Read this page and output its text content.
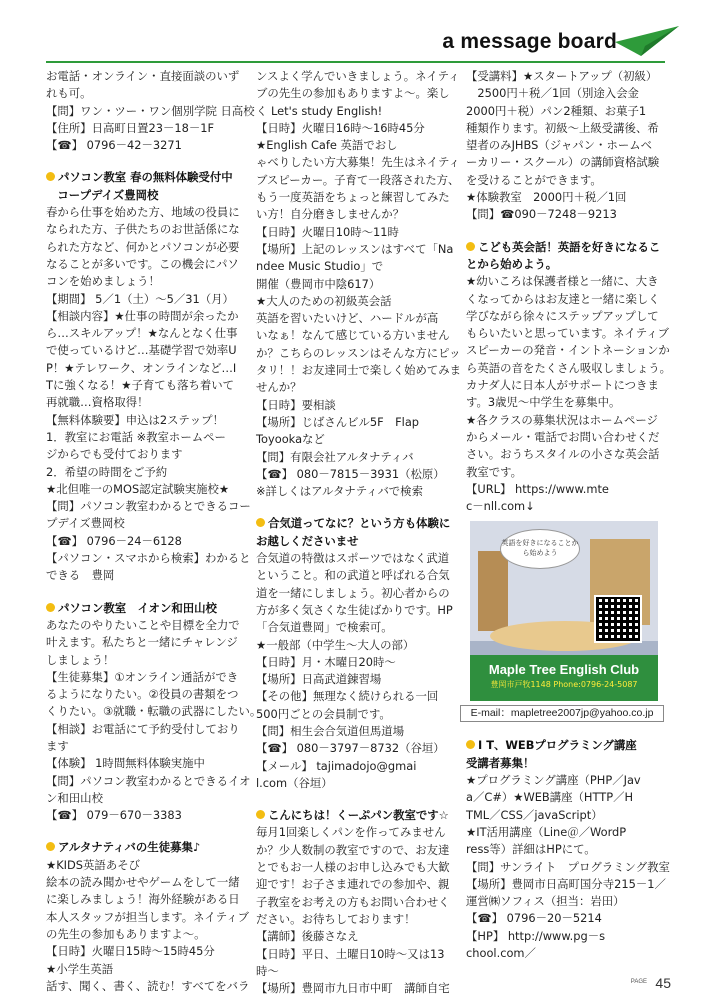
a message board
お電話・オンライン・直接面談のいず
れも可。
【問】ワン・ツー・ワン個別学院 日高校
【住所】日高町日置23－18－1F
【☎】 0796－42－3271
パソコン教室 春の無料体験受付中
　コープデイズ豊岡校
春から仕事を始めた方、地域の役員に
なられた方、子供たちのお世話係にな
られた方など、何かとパソコンが必要
なることが多いです。この機会にパソ
コンを始めましょう！
【期間】 5／1（土）～5／31（月）
【相談内容】★仕事の時間が余ったか
ら…スキルアップ！★なんとなく仕事
で使っているけど…基礎学習で効率U
P！★テレワーク、オンラインなど…I
Tに強くなる！★子育ても落ち着いて
再就職…資格取得！
【無料体験要】申込は2ステップ！
1．教室にお電話 ※教室ホームペー
ジからでも受付ております
2．希望の時間をご予約
★北但唯一のMOS認定試験実施校★
【問】パソコン教室わかるとできるコー
プデイズ豊岡校
【☎】 0796－24－6128
【パソコン・スマホから検索】わかると
できる　豊岡
パソコン教室　イオン和田山校
あなたのやりたいことや目標を全力で
叶えます。私たちと一緒にチャレンジ
しましょう！
【生徒募集】①オンライン通話ができ
るようになりたい。②役員の書類をつ
くりたい。③就職・転職の武器にしたい。
【相談】お電話にて予約受付しており
ます
【体験】 1時間無料体験実施中
【問】パソコン教室わかるとできるイオ
ン和田山校
【☎】 079－670－3383
アルタナティバの生徒募集♪
★KIDS英語あそび
絵本の読み聞かせやゲームをして一緒
に楽しみましょう！海外経験がある日
本人スタッフが担当します。ネイティブ
の先生の参加もありますよ～。
【日時】火曜日15時～15時45分
★小学生英語
話す、聞く、書く、読む！すべてをバラ
ンスよく学んでいきましょう。ネイティ
ブの先生の参加もありますよ～。楽し
く Let's study English!
【日時】火曜日16時～16時45分
★English Cafe 英語でおし
ゃべりしたい方大募集！先生はネイティ
ブスピーカー。子育て一段落された方、
もう一度英語をちょっと練習してみた
い方！自分磨きしませんか？
【日時】火曜日10時～11時
【場所】上記のレッスンはすべて「Na
ndee Music Studio」で
開催（豊岡市中陰617）
★大人のための初級英会話
英語を習いたいけど、ハードルが高
いなぁ！なんて感じている方いません
か？こちらのレッスンはそんな方にピッ
タリ！！お友達同士で楽しく始めてみま
せんか？
【日時】要相談
【場所】じばさんビル5F　Flap
Toyookaなど
【問】有限会社アルタナティバ
【☎】 080－7815－3931（松原）
※詳しくはアルタナティバで検索
合気道ってなに？という方も体験に
お越しくださいませ
合気道の特徴はスポーツではなく武道
ということ。和の武道と呼ばれる合気
道を一緒にしましょう。初心者からの
方が多く気さくな生徒ばかりです。HP
「合気道豊岡」で検索可。
★一般部（中学生～大人の部）
【日時】月・木曜日20時～
【場所】日高武道錬習場
【その他】無理なく続けられる一回
500円ごとの会員制です。
【問】相生会合気道但馬道場
【☎】 080－3797－8732（谷垣）
【メール】 tajimadojo@gmai
l.com（谷垣）
こんにちは！くーぷパン教室です☆
毎月1回楽しくパンを作ってみません
か？少人数制の教室ですので、お友達
とでもお一人様のお申し込みでも大歓
迎です！お子さま連れでの参加や、親
子教室をお考えの方もお問い合わせく
ださい。お待ちしております！
【講師】後藤さなえ
【日時】平日、土曜日10時～又は13
時～
【場所】豊岡市九日市中町　講師自宅
【受講料】★スタートアップ（初級）
　2500円＋税／1回（別途入会金
2000円＋税）パン2種類、お菓子1
種類作ります。初級～上級受講後、希
望者のみJHBS（ジャパン・ホームベ
ーカリー・スクール）の講師資格試験
を受けることができます。
★体験教室　2000円＋税／1回
【問】☎090－7248－9213
こども英会話！英語を好きになるこ
とから始めよう。
★幼いころは保護者様と一緒に、大き
くなってからはお友達と一緒に楽しく
学びながら徐々にステップアップして
もらいたいと思っています。ネイティブ
スピーカーの発音・イントネーションか
ら英語の音をたくさん吸収しましょう。
カナダ人に日本人がサポートにつきま
す。3歳児～中学生を募集中。
★各クラスの募集状況はホームページ
からメール・電話でお問い合わせくだ
さい。おうちスタイルの小さな英会話
教室です。
【URL】 https://www.mte
c－nll.com↓
英語を好きになることから始めよう
Maple Tree English Club
豊岡市戸牧1148 Phone:0796-24-5087
E-mail：mapletree2007jp@yahoo.co.jp
I T、WEBプログラミング講座
受講者募集！
★プログラミング講座（PHP／Jav
a／C#）★WEB講座（HTTP／H
TML／CSS／javaScript）
★IT活用講座（Line＠／WordP
ress等）詳細はHPにて。
【問】サンライト　プログラミング教室
【場所】豊岡市日高町国分寺215－1／
運営㈱ソフィス（担当：岩田）
【☎】 0796－20－5214
【HP】 http://www.pg－s
chool.com／
PAGE 45
